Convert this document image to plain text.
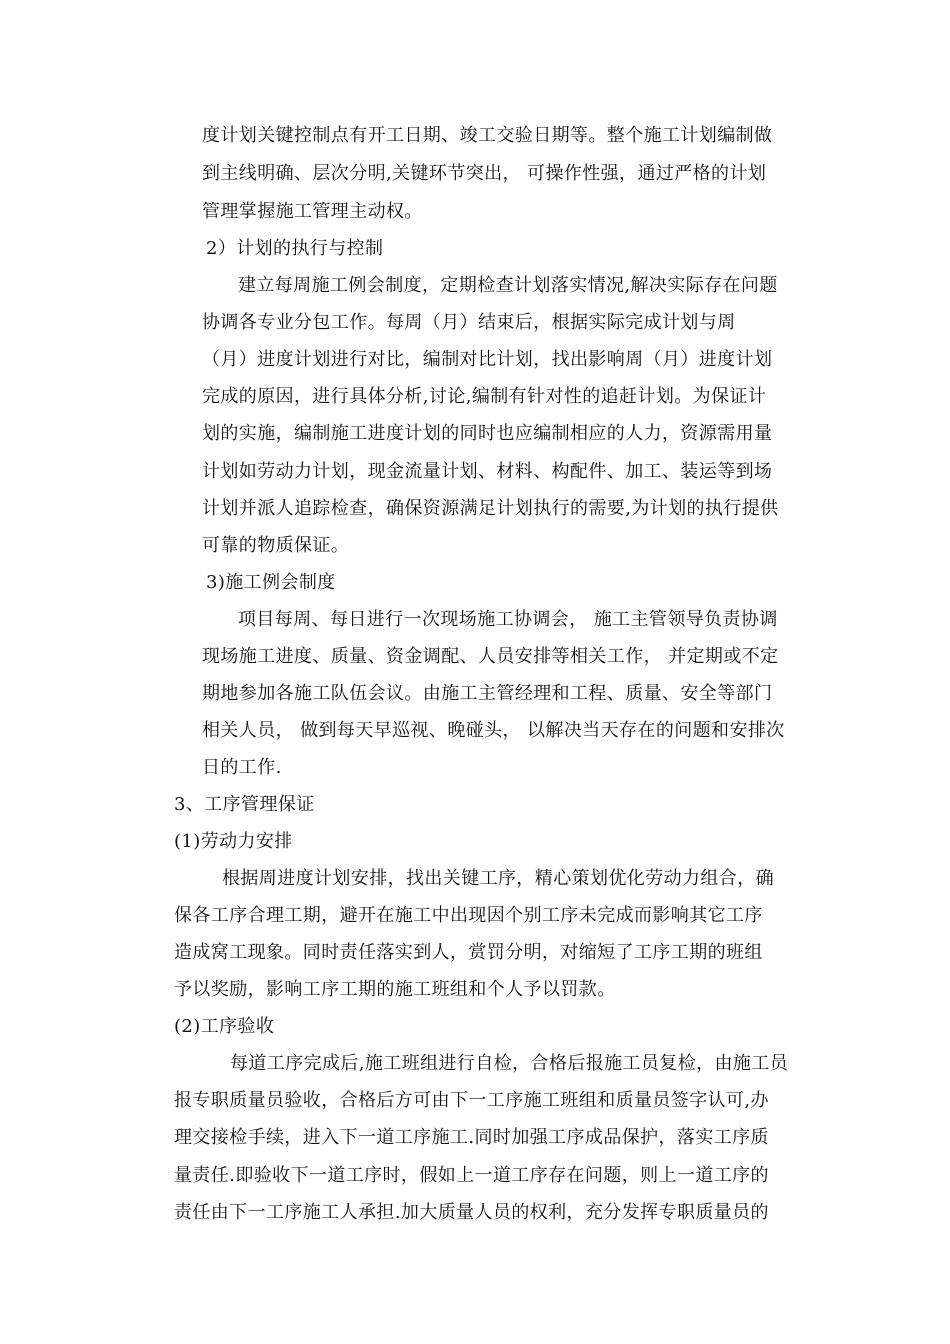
度计划关键控制点有开工日期、竣工交验日期等。整个施工计划编制做
到主线明确、层次分明,关键环节突出， 可操作性强，通过严格的计划
管理掌握施工管理主动权。
2）计划的执行与控制
建立每周施工例会制度，定期检查计划落实情况,解决实际存在问题
协调各专业分包工作。每周（月）结束后，根据实际完成计划与周
（月）进度计划进行对比，编制对比计划，找出影响周（月）进度计划
完成的原因，进行具体分析,讨论,编制有针对性的追赶计划。为保证计
划的实施，编制施工进度计划的同时也应编制相应的人力，资源需用量
计划如劳动力计划，现金流量计划、材料、构配件、加工、装运等到场
计划并派人追踪检查，确保资源满足计划执行的需要,为计划的执行提供
可靠的物质保证。
3)施工例会制度
项目每周、每日进行一次现场施工协调会， 施工主管领导负责协调
现场施工进度、质量、资金调配、人员安排等相关工作， 并定期或不定
期地参加各施工队伍会议。由施工主管经理和工程、质量、安全等部门
相关人员， 做到每天早巡视、晚碰头， 以解决当天存在的问题和安排次
日的工作.
3、工序管理保证
(1)劳动力安排
根据周进度计划安排，找出关键工序，精心策划优化劳动力组合，确
保各工序合理工期，避开在施工中出现因个别工序未完成而影响其它工序
造成窝工现象。同时责任落实到人，赏罚分明，对缩短了工序工期的班组
予以奖励，影响工序工期的施工班组和个人予以罚款。
(2)工序验收
每道工序完成后,施工班组进行自检，合格后报施工员复检，由施工员
报专职质量员验收，合格后方可由下一工序施工班组和质量员签字认可,办
理交接检手续，进入下一道工序施工.同时加强工序成品保护，落实工序质
量责任.即验收下一道工序时，假如上一道工序存在问题，则上一道工序的
责任由下一工序施工人承担.加大质量人员的权利，充分发挥专职质量员的
